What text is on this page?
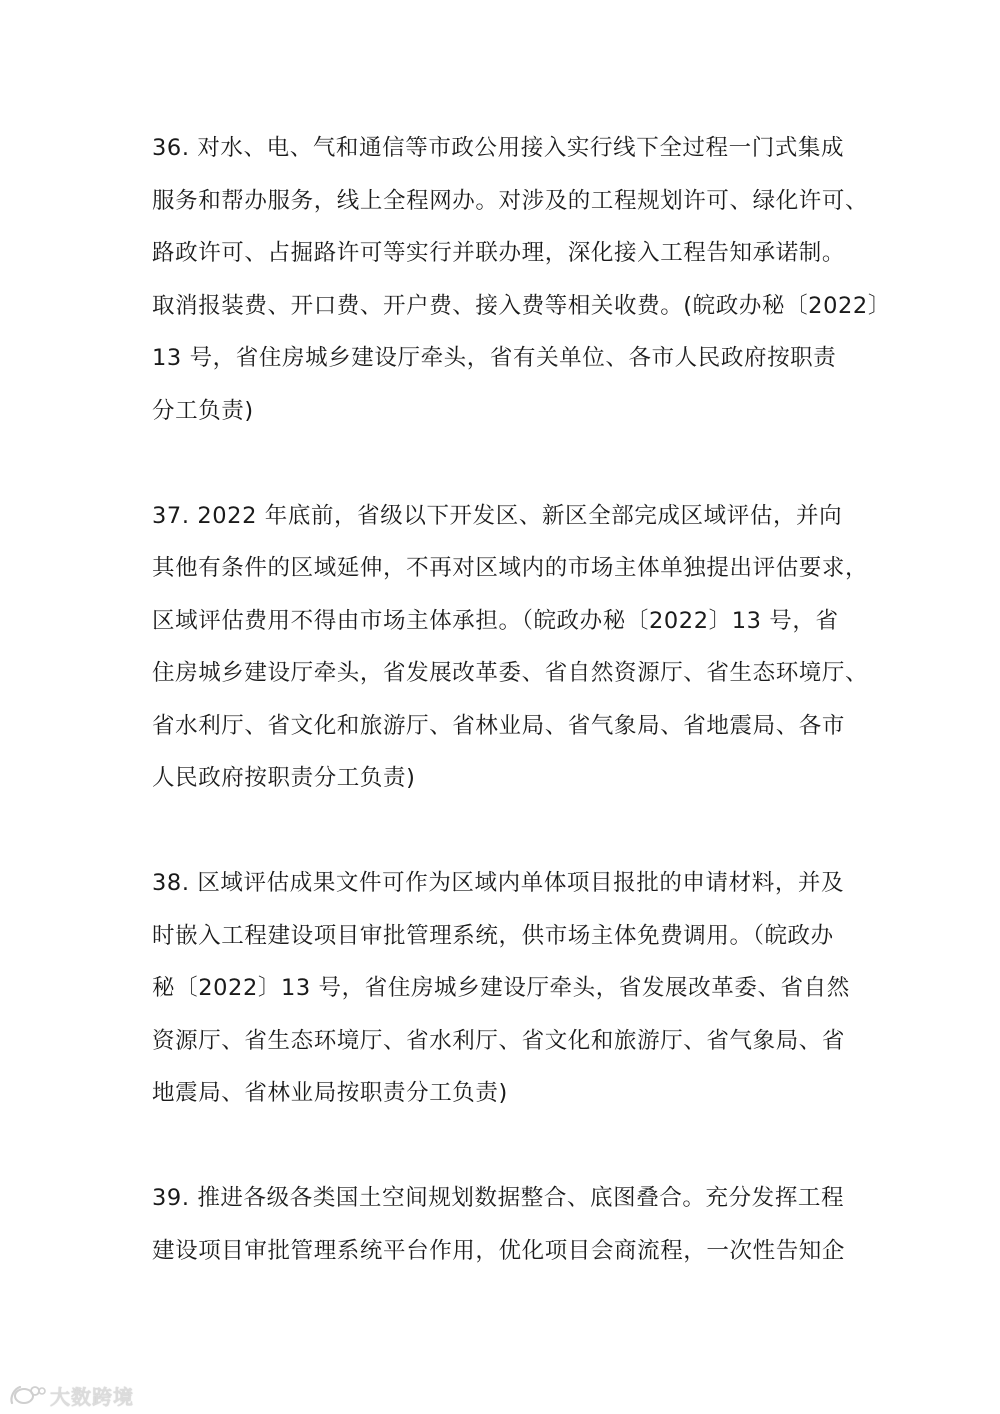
36. 对水、电、气和通信等市政公用接入实行线下全过程一门式集成
服务和帮办服务，线上全程网办。对涉及的工程规划许可、绿化许可、
路政许可、占掘路许可等实行并联办理，深化接入工程告知承诺制。
取消报装费、开口费、开户费、接入费等相关收费。(皖政办秘〔2022〕
13 号，省住房城乡建设厅牵头，省有关单位、各市人民政府按职责
分工负责)
37. 2022 年底前，省级以下开发区、新区全部完成区域评估，并向
其他有条件的区域延伸，不再对区域内的市场主体单独提出评估要求，
区域评估费用不得由市场主体承担。（皖政办秘〔2022〕13 号，省
住房城乡建设厅牵头，省发展改革委、省自然资源厅、省生态环境厅、
省水利厅、省文化和旅游厅、省林业局、省气象局、省地震局、各市
人民政府按职责分工负责)
38. 区域评估成果文件可作为区域内单体项目报批的申请材料，并及
时嵌入工程建设项目审批管理系统，供市场主体免费调用。（皖政办
秘〔2022〕13 号，省住房城乡建设厅牵头，省发展改革委、省自然
资源厅、省生态环境厅、省水利厅、省文化和旅游厅、省气象局、省
地震局、省林业局按职责分工负责)
39. 推进各级各类国土空间规划数据整合、底图叠合。充分发挥工程
建设项目审批管理系统平台作用，优化项目会商流程，一次性告知企
大数跨境
